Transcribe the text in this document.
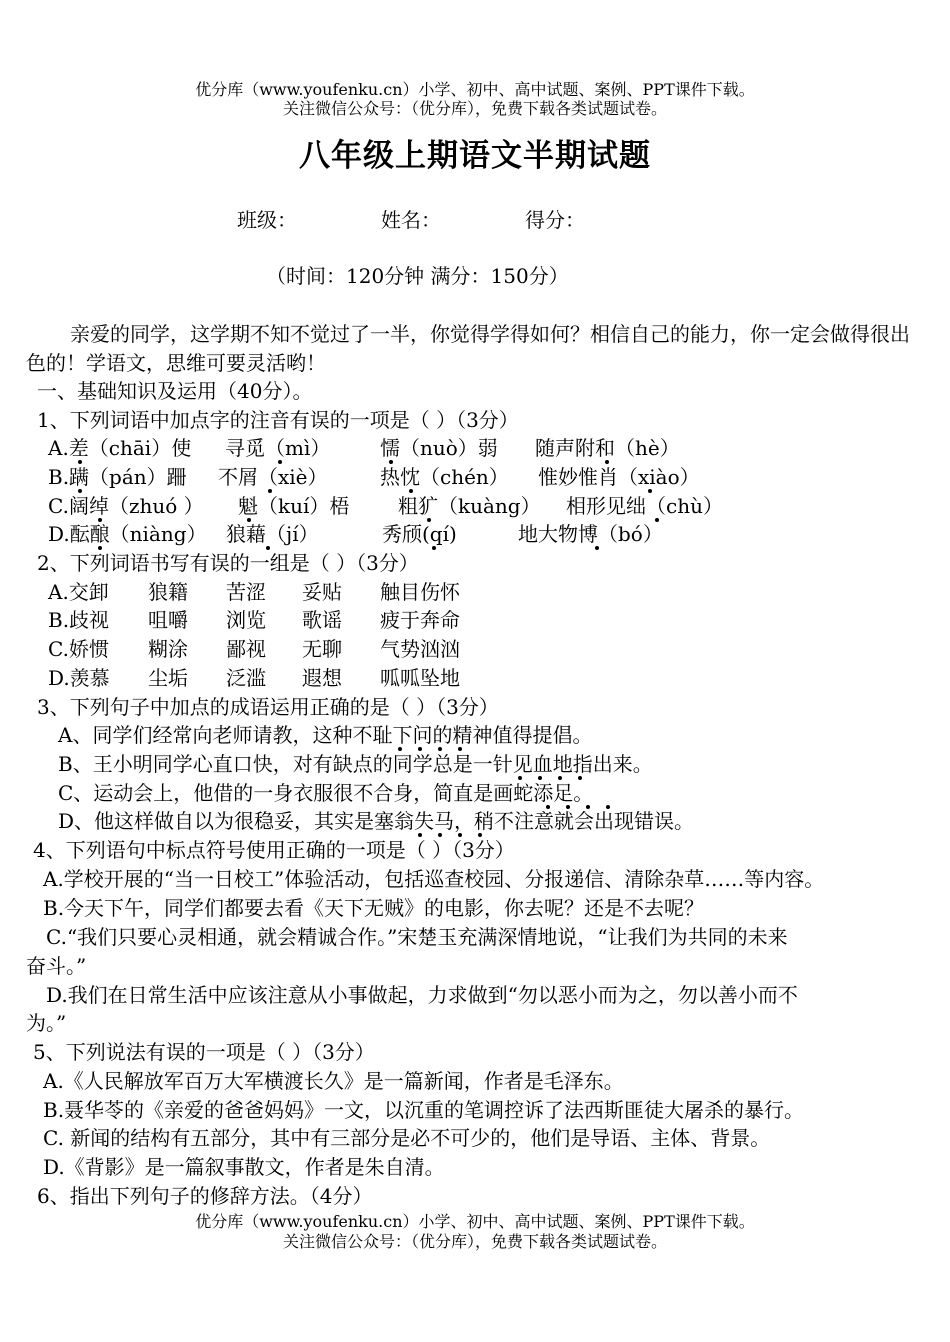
优分库（www.youfenku.cn）小学、初中、高中试题、案例、PPT课件下载。
关注微信公众号：（优分库），免费下载各类试题试卷。
八年级上期语文半期试题
班级：	姓名：	得分：
（时间：120分钟 满分：150分）
亲爱的同学，这学期不知不觉过了一半，你觉得学得如何？相信自己的能力，你一定会做得很出色的！学语文，思维可要灵活哟！
一、基础知识及运用（40分）。
1、下列词语中加点字的注音有误的一项是（ ）（3分）
A.差（chāi）使 寻觅（mì） 懦（nuò）弱 随声附和（hè）
B.蹒（pán）跚 不屑（xiè）	热忱（chén） 惟妙惟肖（xiào）
C.阔绰（zhuó ） 魁（kuí）梧 粗犷（kuàng） 相形见绌（chù）
D.酝酿（niàng） 狼藉（jí）	秀颀(qí)	地大物博（bó）
2、下列词语书写有误的一组是（ ）（3分）
A.交卸 狼籍 苦涩 妥贴 触目伤怀
B.歧视 咀嚼 浏览 歌谣 疲于奔命
C.娇惯 糊涂 鄙视 无聊 气势汹汹
D.羡慕 尘垢 泛滥 遐想 呱呱坠地
3、下列句子中加点的成语运用正确的是（ ）（3分）
A、同学们经常向老师请教，这种不耻下问的精神值得提倡。
B、王小明同学心直口快，对有缺点的同学总是一针见血地指出来。
C、运动会上，他借的一身衣服很不合身，简直是画蛇添足。
D、他这样做自以为很稳妥，其实是塞翁失马，稍不注意就会出现错误。
4、下列语句中标点符号使用正确的一项是（ ）（3分）
A.学校开展的“当一日校工”体验活动，包括巡查校园、分报递信、清除杂草……等内容。
B.今天下午，同学们都要去看《天下无贼》的电影，你去呢？还是不去呢？
C.“我们只要心灵相通，就会精诚合作。”宋楚玉充满深情地说，“让我们为共同的未来
奋斗。”
D.我们在日常生活中应该注意从小事做起，力求做到“勿以恶小而为之，勿以善小而不
为。”
5、下列说法有误的一项是（ ）（3分）
A.《人民解放军百万大军横渡长久》是一篇新闻，作者是毛泽东。
B.聂华苓的《亲爱的爸爸妈妈》一文，以沉重的笔调控诉了法西斯匪徒大屠杀的暴行。
C. 新闻的结构有五部分，其中有三部分是必不可少的，他们是导语、主体、背景。
D.《背影》是一篇叙事散文，作者是朱自清。
6、指出下列句子的修辞方法。（4分）
优分库（www.youfenku.cn）小学、初中、高中试题、案例、PPT课件下载。
关注微信公众号：（优分库），免费下载各类试题试卷。
